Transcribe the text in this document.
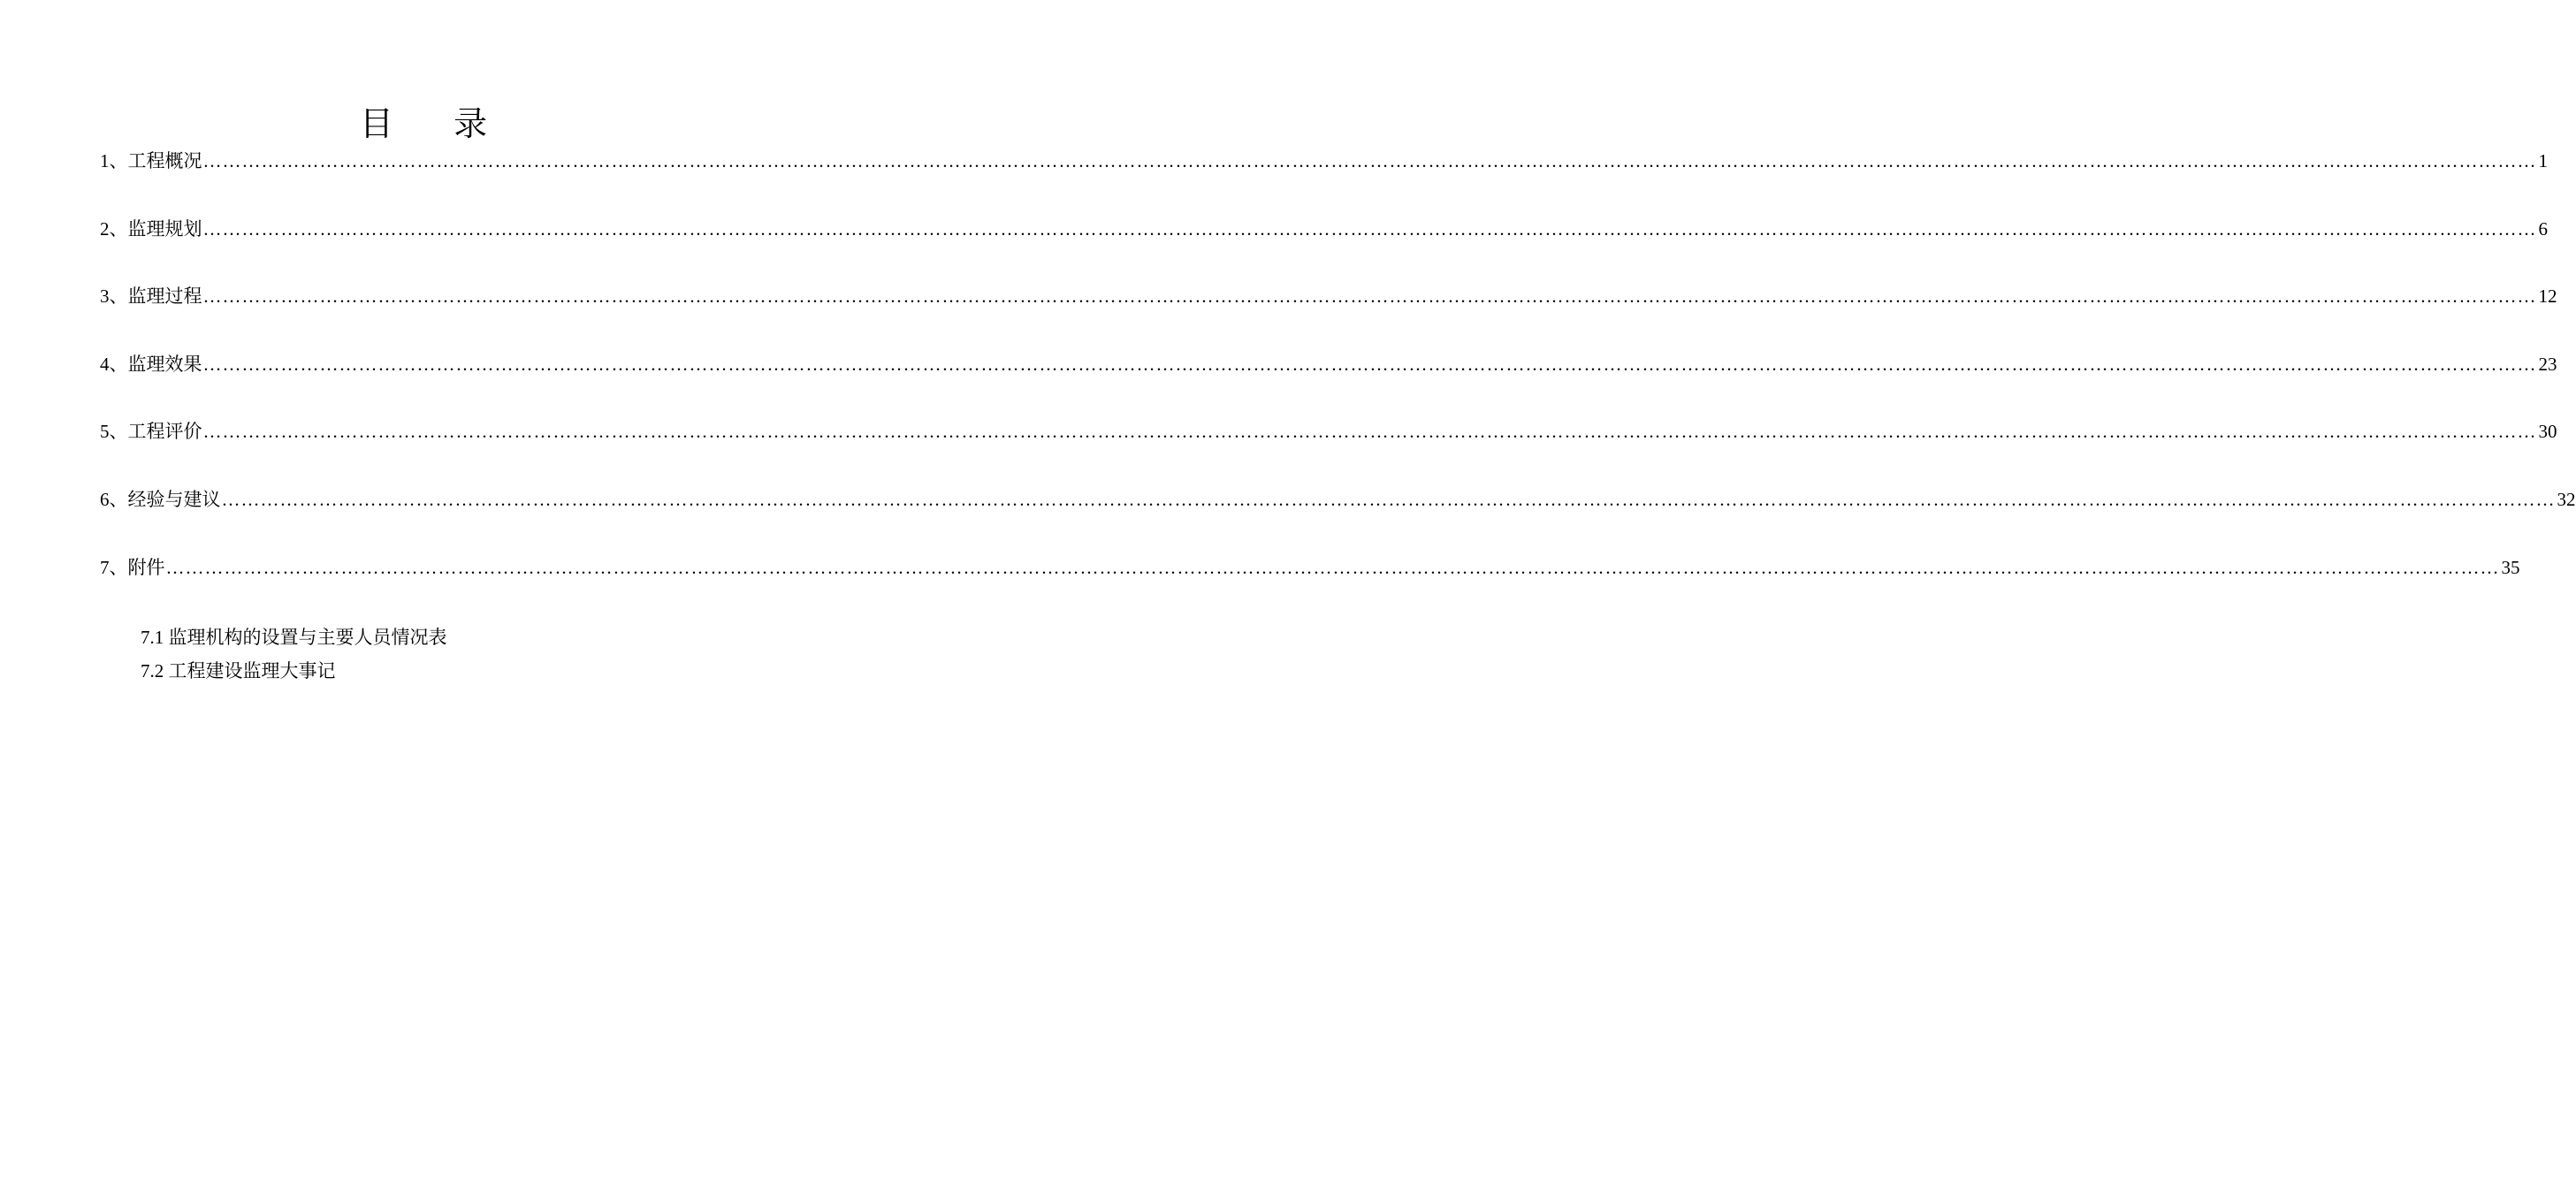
目    录
1、工程概况 ……………………………………………………………………………………………………………………………………………………………………………………………………………………………………………………………………………………………………………………………… 1
2、监理规划 ……………………………………………………………………………………………………………………………………………………………………………………………………………………………………………………………………………………………………………………………… 6
3、监理过程 ……………………………………………………………………………………………………………………………………………………………………………………………………………………………………………………………………………………………………………………………… 12
4、监理效果 ……………………………………………………………………………………………………………………………………………………………………………………………………………………………………………………………………………………………………………………………… 23
5、工程评价 ……………………………………………………………………………………………………………………………………………………………………………………………………………………………………………………………………………………………………………………………… 30
6、经验与建议 ……………………………………………………………………………………………………………………………………………………………………………………………………………………………………………………………………………………………………………………………… 32
7、附件 ……………………………………………………………………………………………………………………………………………………………………………………………………………………………………………………………………………………………………………………………… 35
7.1 监理机构的设置与主要人员情况表
7.2 工程建设监理大事记
